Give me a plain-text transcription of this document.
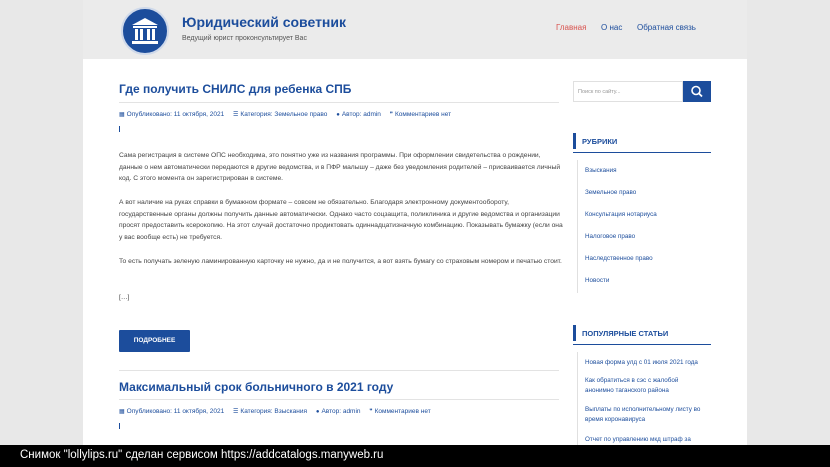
Юридический советник
Ведущий юрист проконсультирует Вас
Главная О нас Обратная связь
Где получить СНИЛС для ребенка СПБ
▦ Опубликовано: 11 октября, 2021 ☰ Категория: Земельное право ● Автор: admin ❞ Комментариев нет
Сама регистрация в системе ОПС необходима, это понятно уже из названия программы. При оформлении свидетельства о рождении, данные о нем автоматически передаются в другие ведомства, и в ПФР малышу – даже без уведомления родителей – присваивается личный код. С этого момента он зарегистрирован в системе.
А вот наличие на руках справки в бумажном формате – совсем не обязательно. Благодаря электронному документообороту, государственные органы должны получить данные автоматически. Однако часто соцзащита, поликлиника и другие ведомства и организации просят предоставить ксерокопию. На этот случай достаточно продиктовать одиннадцатизначную комбинацию. Показывать бумажку (если она у вас вообще есть) не требуется.
То есть получать зеленую ламинированную карточку не нужно, да и не получится, а вот взять бумагу со страховым номером и печатью стоит.
[…]
ПОДРОБНЕЕ
Максимальный срок больничного в 2021 году
▦ Опубликовано: 11 октября, 2021 ☰ Категория: Взыскания ● Автор: admin ❞ Комментариев нет
Поиск по сайту...
РУБРИКИ
Взыскания
Земельное право
Консультация нотариуса
Налоговое право
Наследственное право
Новости
ПОПУЛЯРНЫЕ СТАТЬИ
Новая форма улд с 01 июля 2021 года
Как обратиться в сэс с жалобой
анонимно таганского района
Выплаты по исполнительному листу во
время коронавируса
Отчет по управлению мкд штраф за
Снимок "lollylips.ru" сделан сервисом https://addcatalogs.manyweb.ru
